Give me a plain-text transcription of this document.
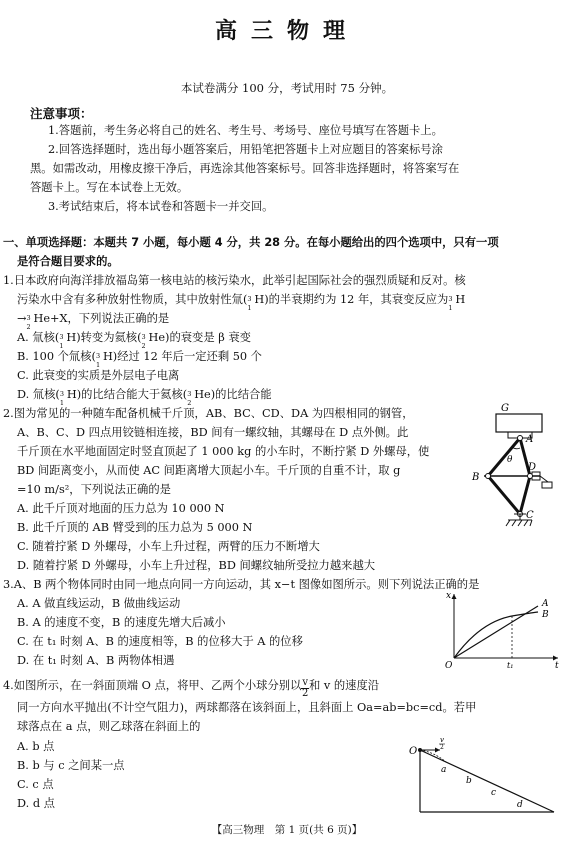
高三物理
本试卷满分 100 分，考试用时 75 分钟。
注意事项：
1.答题前，考生务必将自己的姓名、考生号、考场号、座位号填写在答题卡上。
2.回答选择题时，选出每小题答案后，用铅笔把答题卡上对应题目的答案标号涂
黑。如需改动，用橡皮擦干净后，再选涂其他答案标号。回答非选择题时，将答案写在
答题卡上。写在本试卷上无效。
3.考试结束后，将本试卷和答题卡一并交回。
一、单项选择题：本题共 7 小题，每小题 4 分，共 28 分。在每小题给出的四个选项中，只有一项
是符合题目要求的。
1.日本政府向海洋排放福岛第一核电站的核污染水，此举引起国际社会的强烈质疑和反对。核
污染水中含有多种放射性物质，其中放射性氚( 3
1
H)的半衰期约为 12 年，其衰变反应为 3
1
H
→ 3
2
He+X，下列说法正确的是
A. 氚核( 3
1
H)转变为氦核( 3
2
He)的衰变是 β 衰变
B. 100 个氚核( 3
1
H)经过 12 年后一定还剩 50 个
C. 此衰变的实质是外层电子电离
D. 氚核( 3
1
H)的比结合能大于氦核( 3
2
He)的比结合能
2.图为常见的一种随车配备机械千斤顶，AB、BC、CD、DA 为四根相同的钢管，
A、B、C、D 四点用铰链相连接，BD 间有一螺纹轴，其螺母在 D 点外侧。此
千斤顶在水平地面固定时竖直顶起了 1 000 kg 的小车时，不断拧紧 D 外螺母，使
BD 间距离变小，从而使 AC 间距离增大顶起小车。千斤顶的自重不计，取 g
=10 m/s²，下列说法正确的是
A. 此千斤顶对地面的压力总为 10 000 N
B. 此千斤顶的 AB 臂受到的压力总为 5 000 N
C. 随着拧紧 D 外螺母，小车上升过程，两臂的压力不断增大
D. 随着拧紧 D 外螺母，小车上升过程，BD 间螺纹轴所受拉力越来越大
G
A
B
D
C
θ
3.A、B 两个物体同时由同一地点向同一方向运动，其 x−t 图像如图所示。则下列说法正确的是
A. A 做直线运动，B 做曲线运动
B. A 的速度不变，B 的速度先增大后减小
C. 在 t₁ 时刻 A、B 的速度相等，B 的位移大于 A 的位移
D. 在 t₁ 时刻 A、B 两物体相遇
x
t
O	t₁
A
B
4.如图所示，在一斜面顶端 O 点，将甲、乙两个小球分别以 $\frac{v}{2}$ 和 v 的速度沿
同一方向水平抛出(不计空气阻力)，两球都落在该斜面上，且斜面上 Oa=ab=bc=cd。若甲
球落点在 a 点，则乙球落在斜面上的
A. b 点
B. b 与 c 之间某一点
C. c 点
D. d 点
O
v
2
a
b
c
d
【高三物理　第 1 页(共 6 页)】
